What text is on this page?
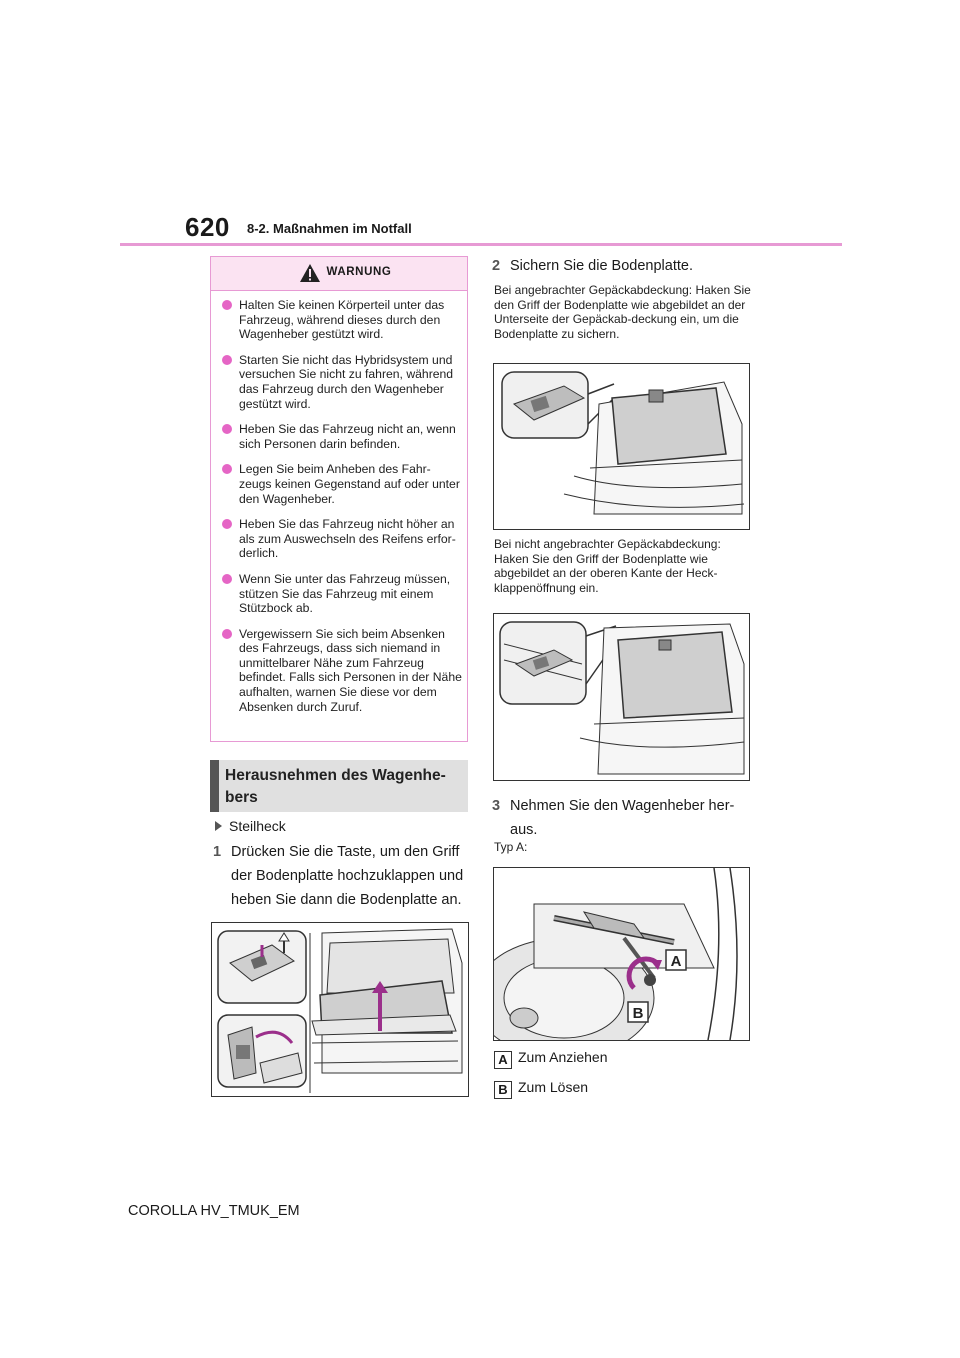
620 8-2. Maßnahmen im Notfall
WARNUNG
Halten Sie keinen Körperteil unter das Fahrzeug, während dieses durch den Wagenheber gestützt wird.
Starten Sie nicht das Hybridsystem und versuchen Sie nicht zu fahren, während das Fahrzeug durch den Wagenheber gestützt wird.
Heben Sie das Fahrzeug nicht an, wenn sich Personen darin befinden.
Legen Sie beim Anheben des Fahr-zeugs keinen Gegenstand auf oder unter den Wagenheber.
Heben Sie das Fahrzeug nicht höher an als zum Auswechseln des Reifens erfor-derlich.
Wenn Sie unter das Fahrzeug müssen, stützen Sie das Fahrzeug mit einem Stützbock ab.
Vergewissern Sie sich beim Absenken des Fahrzeugs, dass sich niemand in unmittelbarer Nähe zum Fahrzeug befindet. Falls sich Personen in der Nähe aufhalten, warnen Sie diese vor dem Absenken durch Zuruf.
Herausnehmen des Wagenhe-bers
Steilheck
1 Drücken Sie die Taste, um den Griff der Bodenplatte hochzuklappen und heben Sie dann die Bodenplatte an.
2 Sichern Sie die Bodenplatte.
Bei angebrachter Gepäckabdeckung: Haken Sie den Griff der Bodenplatte wie abgebildet an der Unterseite der Gepäckab-deckung ein, um die Bodenplatte zu sichern.
Bei nicht angebrachter Gepäckabdeckung: Haken Sie den Griff der Bodenplatte wie abgebildet an der oberen Kante der Heck-klappenöffnung ein.
3 Nehmen Sie den Wagenheber her-aus.
Typ A:
A
B
A Zum Anziehen
B Zum Lösen
COROLLA HV_TMUK_EM
